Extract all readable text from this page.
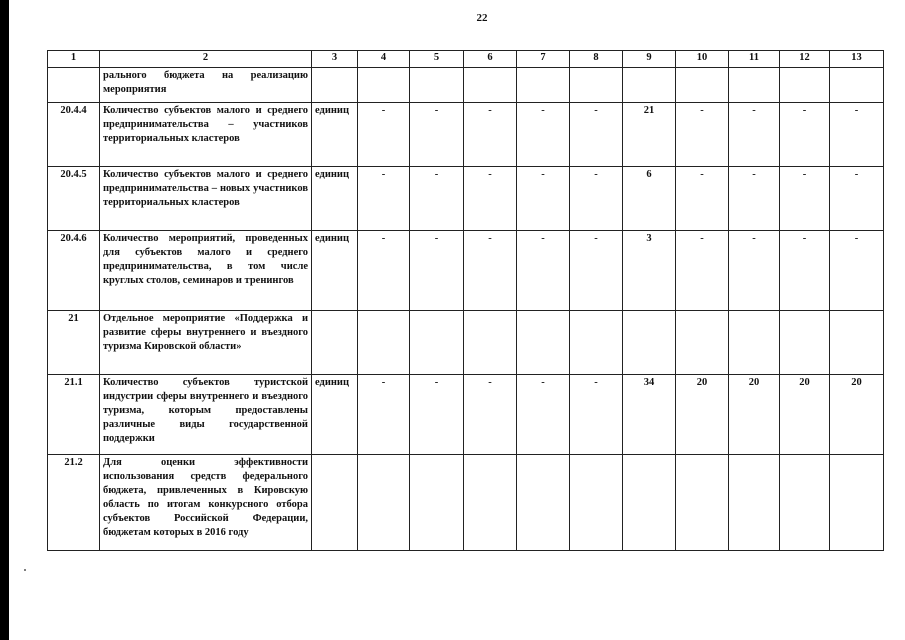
22
1	2	3	4	5	6	7	8	9	10	11	12	13
	рального бюджета на реализацию мероприятия											
20.4.4	Количество субъектов малого и среднего предпринимательства – участников территориальных кластеров	единиц	-	-	-	-	-	21	-	-	-	-
20.4.5	Количество субъектов малого и среднего предпринимательства – новых участников территориальных кластеров	единиц	-	-	-	-	-	6	-	-	-	-
20.4.6	Количество мероприятий, проведенных для субъектов малого и среднего предпринимательства, в том числе круглых столов, семинаров и тренингов	единиц	-	-	-	-	-	3	-	-	-	-
21	Отдельное мероприятие «Поддержка и развитие сферы внутреннего и въездного туризма Кировской области»											
21.1	Количество субъектов туристской индустрии сферы внутреннего и въездного туризма, которым предоставлены различные виды государственной поддержки	единиц	-	-	-	-	-	34	20	20	20	20
21.2	Для оценки эффективности использования средств федерального бюджета, привлеченных в Кировскую область по итогам конкурсного отбора субъектов Российской Федерации, бюджетам которых в 2016 году											
